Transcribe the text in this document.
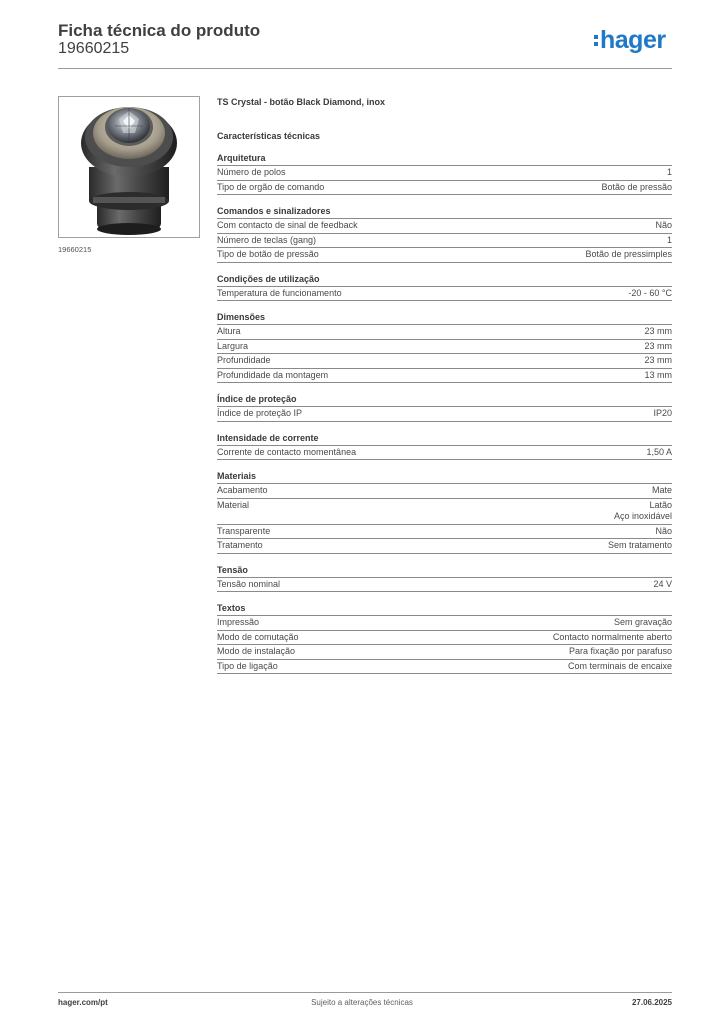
Ficha técnica do produto
19660215	hager
19660215
TS Crystal - botão Black Diamond, inox
Características técnicas
Arquitetura
Número de polos	1
Tipo de orgão de comando	Botão de pressão
Comandos e sinalizadores
Com contacto de sinal de feedback	Não
Número de teclas (gang)	1
Tipo de botão de pressão	Botão de pressimples
Condições de utilização
Temperatura de funcionamento	-20 - 60 °C
Dimensões
Altura	23 mm
Largura	23 mm
Profundidade	23 mm
Profundidade da montagem	13 mm
Índice de proteção
Índice de proteção IP	IP20
Intensidade de corrente
Corrente de contacto momentânea	1,50 A
Materiais
Acabamento	Mate
Material	Latão
Aço inoxidável
Transparente	Não
Tratamento	Sem tratamento
Tensão
Tensão nominal	24 V
Textos
Impressão	Sem gravação
Modo de comutação	Contacto normalmente aberto
Modo de instalação	Para fixação por parafuso
Tipo de ligação	Com terminais de encaixe
hager.com/pt	Sujeito a alterações técnicas	27.06.2025
